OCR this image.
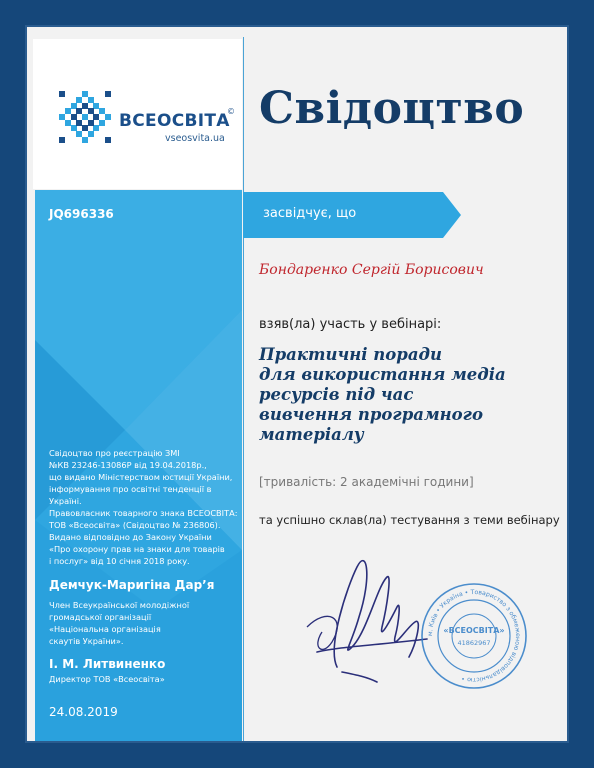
ВСЕОСВІТА
©
vseosvita.ua
JQ696336	засвідчує, що
Свідоцтво
Бондаренко Сергій Борисович
взяв(ла) участь у вебінарі:
Практичні поради
для використання медіа
ресурсів під час
вивчення програмного
матеріалу
[тривалість: 2 академічні години]
та успішно склав(ла) тестування з теми вебінару
Свідоцтво про реєстрацію ЗМІ
№КВ 23246-13086Р від 19.04.2018р.,
що видано Міністерством юстиції України,
інформування про освітні тенденції в Україні.
Правовласник товарного знака ВСЕОСВІТА:
ТОВ «Всеосвіта» (Свідоцтво № 236806).
Видано відповідно до Закону України
«Про охорону прав на знаки для товарів
і послуг» від 10 січня 2018 року.
Демчук-Маригіна Дар’я
Член Всеукраїнської молодіжної
громадської організації
«Національна організація
скаутів України».
І. М. Литвиненко
Директор ТОВ «Всеосвіта»
24.08.2019
м. Київ • Україна • Товариство з обмеженою відповідальністю •
«ВСЕОСВІТА»
41862967
